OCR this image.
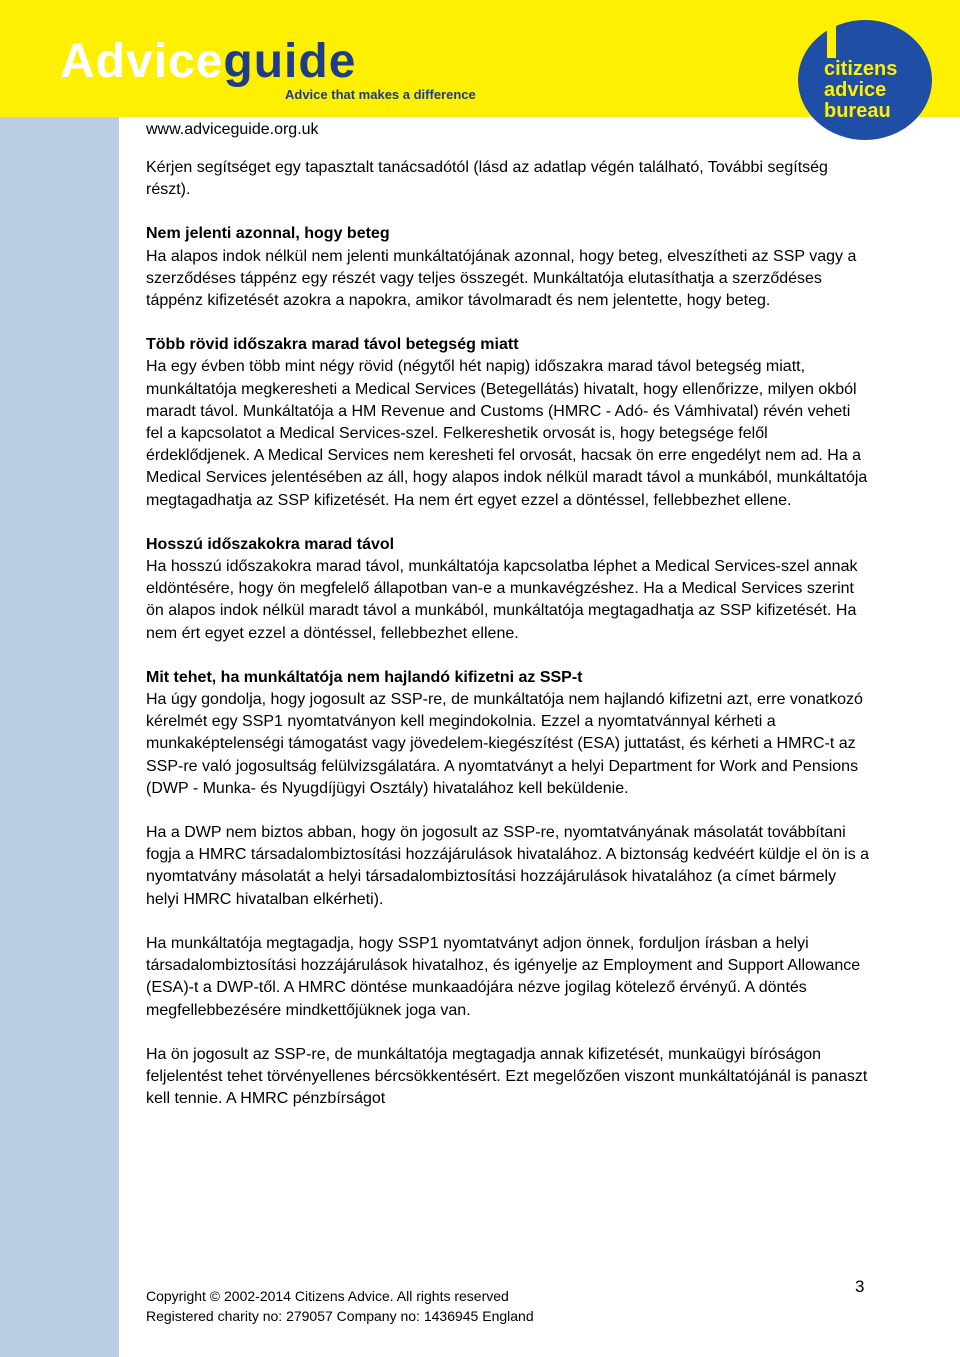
Adviceguide
Advice that makes a difference
www.adviceguide.org.uk
citizens
advice
bureau

Kérjen segítséget egy tapasztalt tanácsadótól (lásd az adatlap végén található, További segítség részt).

Nem jelenti azonnal, hogy beteg

Ha alapos indok nélkül nem jelenti munkáltatójának azonnal, hogy beteg, elveszítheti az SSP vagy a szerződéses táppénz egy részét vagy teljes összegét. Munkáltatója elutasíthatja a szerződéses táppénz kifizetését azokra a napokra, amikor távolmaradt és nem jelentette, hogy beteg.

Több rövid időszakra marad távol betegség miatt

Ha egy évben több mint négy rövid (négytől hét napig) időszakra marad távol betegség miatt, munkáltatója megkeresheti a Medical Services (Betegellátás) hivatalt, hogy ellenőrizze, milyen okból maradt távol. Munkáltatója a HM Revenue and Customs (HMRC - Adó- és Vámhivatal) révén veheti fel a kapcsolatot a Medical Services-szel. Felkereshetik orvosát is, hogy betegsége felől érdeklődjenek. A Medical Services nem keresheti fel orvosát, hacsak ön erre engedélyt nem ad. Ha a Medical Services jelentésében az áll, hogy alapos indok nélkül maradt távol a munkából, munkáltatója megtagadhatja az SSP kifizetését. Ha nem ért egyet ezzel a döntéssel, fellebbezhet ellene.

Hosszú időszakokra marad távol

Ha hosszú időszakokra marad távol, munkáltatója kapcsolatba léphet a Medical Services-szel annak eldöntésére, hogy ön megfelelő állapotban van-e a munkavégzéshez. Ha a Medical Services szerint ön alapos indok nélkül maradt távol a munkából, munkáltatója megtagadhatja az SSP kifizetését. Ha nem ért egyet ezzel a döntéssel, fellebbezhet ellene.

Mit tehet, ha munkáltatója nem hajlandó kifizetni az SSP-t

Ha úgy gondolja, hogy jogosult az SSP-re, de munkáltatója nem hajlandó kifizetni azt, erre vonatkozó kérelmét egy SSP1 nyomtatványon kell megindokolnia. Ezzel a nyomtatvánnyal kérheti a munkaképtelenségi támogatást vagy jövedelem-kiegészítést (ESA) juttatást, és kérheti a HMRC-t az SSP-re való jogosultság felülvizsgálatára. A nyomtatványt a helyi Department for Work and Pensions (DWP - Munka- és Nyugdíjügyi Osztály) hivatalához kell beküldenie.

Ha a DWP nem biztos abban, hogy ön jogosult az SSP-re, nyomtatványának másolatát továbbítani fogja a HMRC társadalombiztosítási hozzájárulások hivatalához. A biztonság kedvéért küldje el ön is a nyomtatvány másolatát a helyi társadalombiztosítási hozzájárulások hivatalához (a címet bármely helyi HMRC hivatalban elkérheti).

Ha munkáltatója megtagadja, hogy SSP1 nyomtatványt adjon önnek, forduljon írásban a helyi társadalombiztosítási hozzájárulások hivatalhoz, és igényelje az Employment and Support Allowance (ESA)-t a DWP-től. A HMRC döntése munkaadójára nézve jogilag kötelező érvényű. A döntés megfellebbezésére mindkettőjüknek joga van.

Ha ön jogosult az SSP-re, de munkáltatója megtagadja annak kifizetését, munkaügyi bíróságon feljelentést tehet törvényellenes bércsökkentésért. Ezt megelőzően viszont munkáltatójánál is panaszt kell tennie. A HMRC pénzbírságot

Copyright © 2002-2014 Citizens Advice. All rights reserved
Registered charity no: 279057 Company no: 1436945 England
3
